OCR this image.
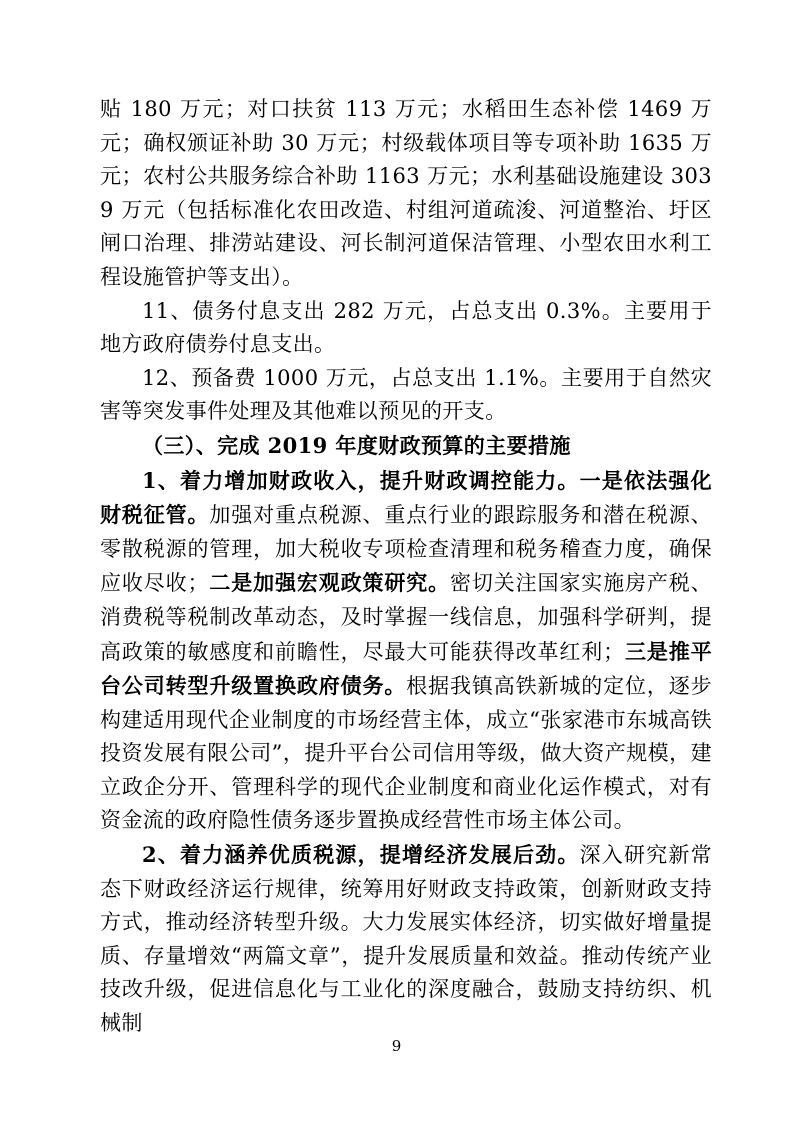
贴 180 万元；对口扶贫 113 万元；水稻田生态补偿 1469 万元；确权颁证补助 30 万元；村级载体项目等专项补助 1635 万元；农村公共服务综合补助 1163 万元；水利基础设施建设 3039 万元（包括标准化农田改造、村组河道疏浚、河道整治、圩区闸口治理、排涝站建设、河长制河道保洁管理、小型农田水利工程设施管护等支出）。

11、债务付息支出 282 万元，占总支出 0.3%。主要用于地方政府债券付息支出。

12、预备费 1000 万元，占总支出 1.1%。主要用于自然灾害等突发事件处理及其他难以预见的开支。

（三）、完成 2019 年度财政预算的主要措施

1、着力增加财政收入，提升财政调控能力。一是依法强化财税征管。加强对重点税源、重点行业的跟踪服务和潜在税源、零散税源的管理，加大税收专项检查清理和税务稽查力度，确保应收尽收；二是加强宏观政策研究。密切关注国家实施房产税、消费税等税制改革动态，及时掌握一线信息，加强科学研判，提高政策的敏感度和前瞻性，尽最大可能获得改革红利；三是推平台公司转型升级置换政府债务。根据我镇高铁新城的定位，逐步构建适用现代企业制度的市场经营主体，成立“张家港市东城高铁投资发展有限公司”，提升平台公司信用等级，做大资产规模，建立政企分开、管理科学的现代企业制度和商业化运作模式，对有资金流的政府隐性债务逐步置换成经营性市场主体公司。

2、着力涵养优质税源，提增经济发展后劲。深入研究新常态下财政经济运行规律，统筹用好财政支持政策，创新财政支持方式，推动经济转型升级。大力发展实体经济，切实做好增量提质、存量增效“两篇文章”，提升发展质量和效益。推动传统产业技改升级，促进信息化与工业化的深度融合，鼓励支持纺织、机械制

9
